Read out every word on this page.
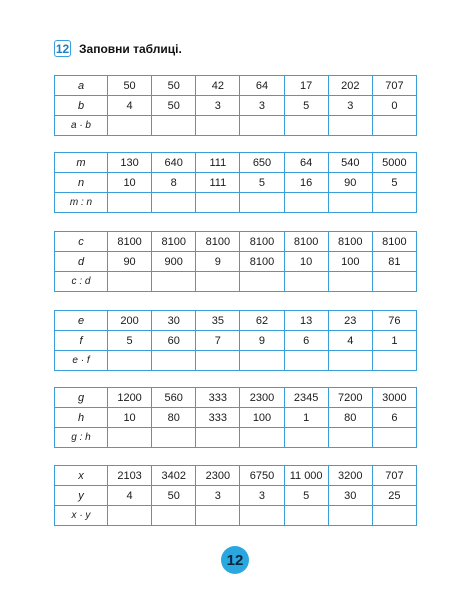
12 Заповни таблиці.
a	50	50	42	64	17	202	707
b	4	50	3	3	5	3	0
a · b							
m	130	640	111	650	64	540	5000
n	10	8	111	5	16	90	5
m : n							
c	8100	8100	8100	8100	8100	8100	8100
d	90	900	9	8100	10	100	81
c : d							
e	200	30	35	62	13	23	76
f	5	60	7	9	6	4	1
e · f							
g	1200	560	333	2300	2345	7200	3000
h	10	80	333	100	1	80	6
g : h							
x	2103	3402	2300	6750	11 000	3200	707
y	4	50	3	3	5	30	25
x · y							
12
